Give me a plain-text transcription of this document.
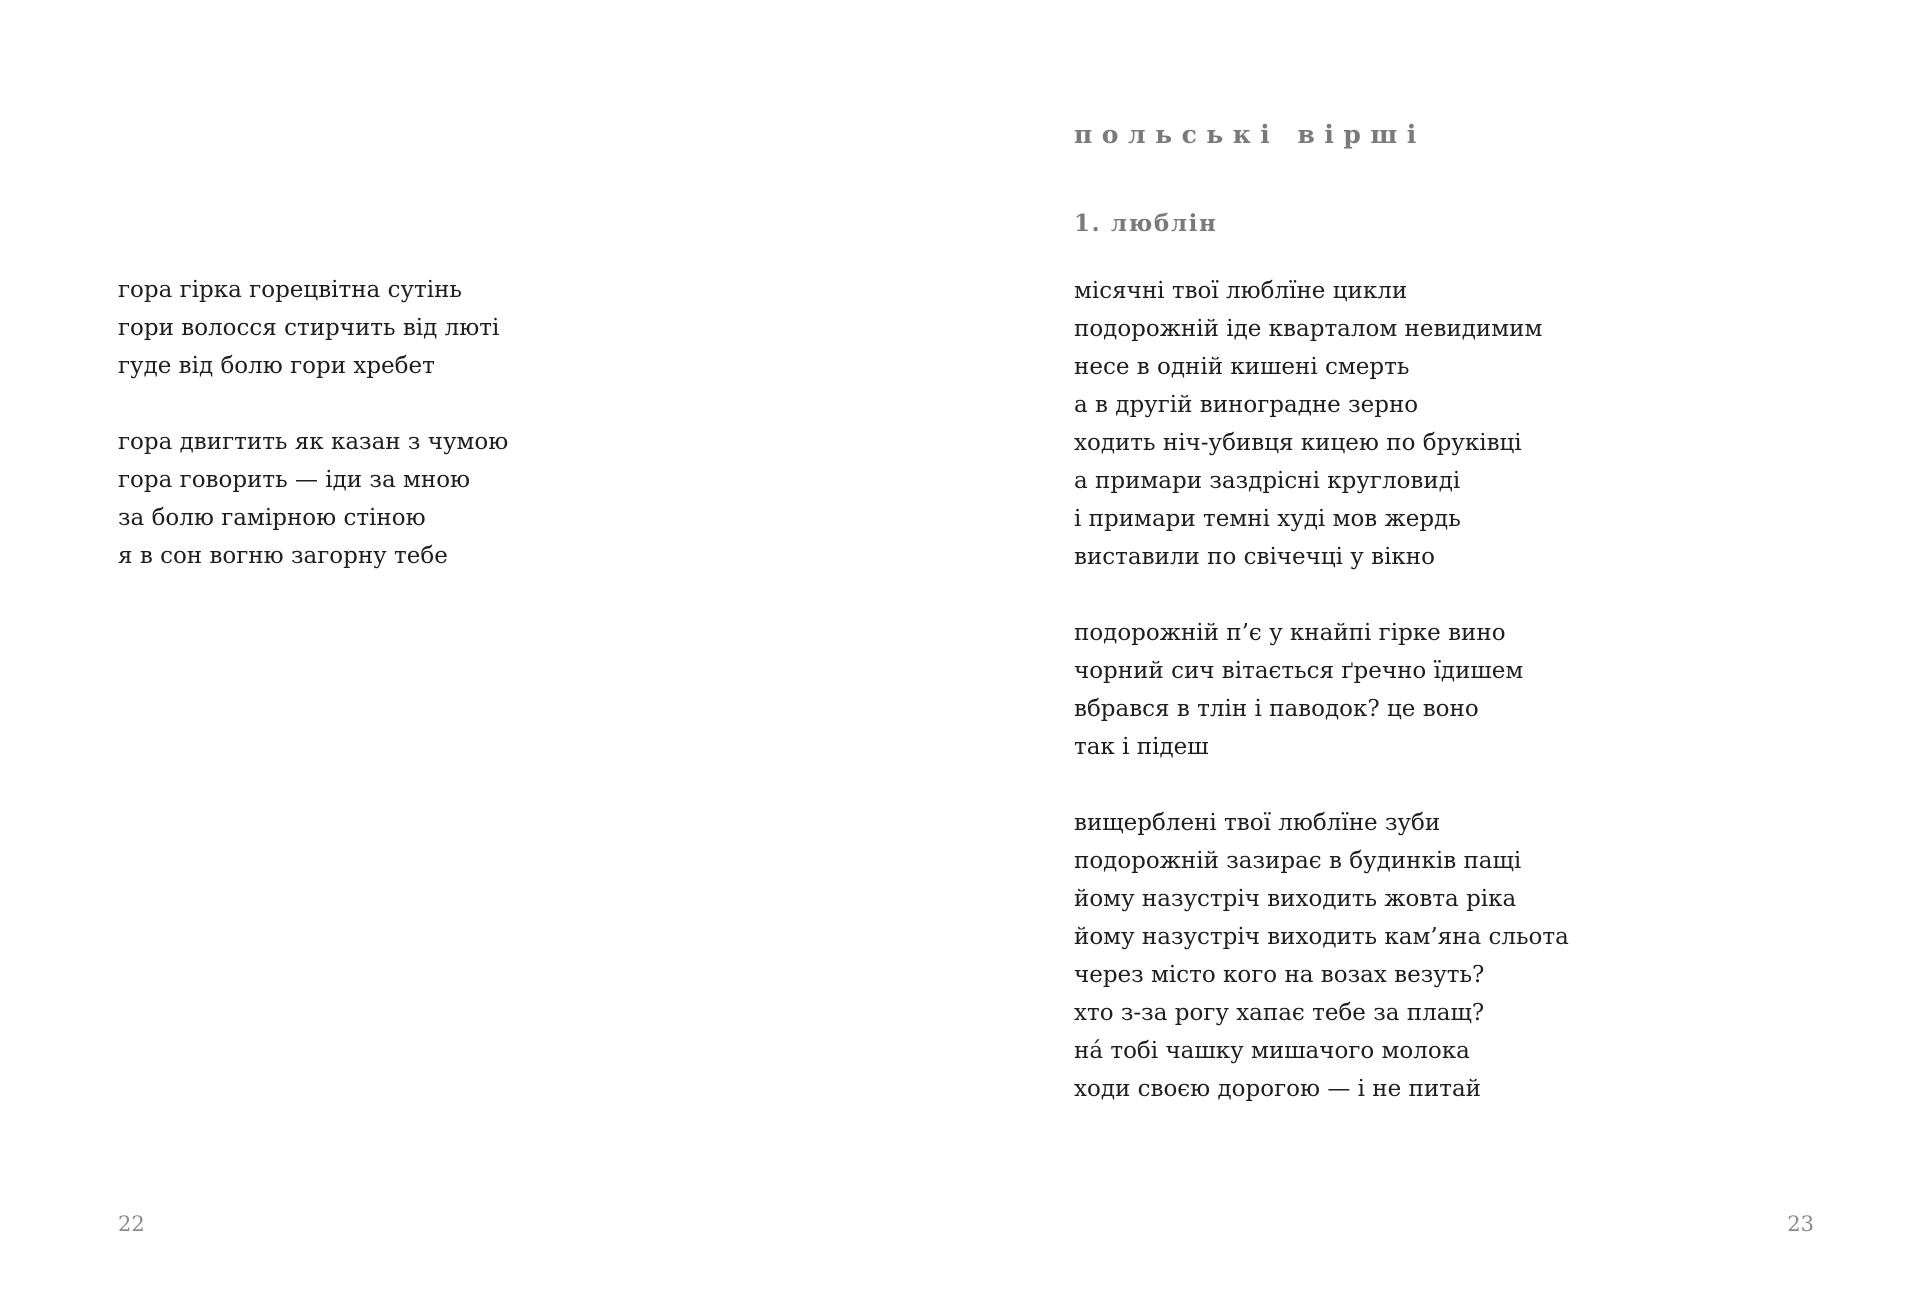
гора гірка горецвітна сутінь
гори волосся стирчить від люті
гуде від болю гори хребет
гора двигтить як казан з чумою
гора говорить — іди за мною
за болю гамірною стіною
я в сон вогню загорну тебе

22

польські вірші
1. люблін
місячні твої люблїне цикли
подорожній іде кварталом невидимим
несе в одній кишені смерть
а в другій виноградне зерно
ходить ніч-убивця кицею по бруківці
а примари заздрісні кругловиді
і примари темні худі мов жердь
виставили по свічечці у вікно
подорожній п’є у кнайпі гірке вино
чорний сич вітається ґречно їдишем
вбрався в тлін і паводок? це воно
так і підеш
вищерблені твої люблїне зуби
подорожній зазирає в будинків пащі
йому назустріч виходить жовта ріка
йому назустріч виходить кам’яна сльота
через місто кого на возах везуть?
хто з-за рогу хапає тебе за плащ?
нá тобі чашку мишачого молока
ходи своєю дорогою — і не питай

23
